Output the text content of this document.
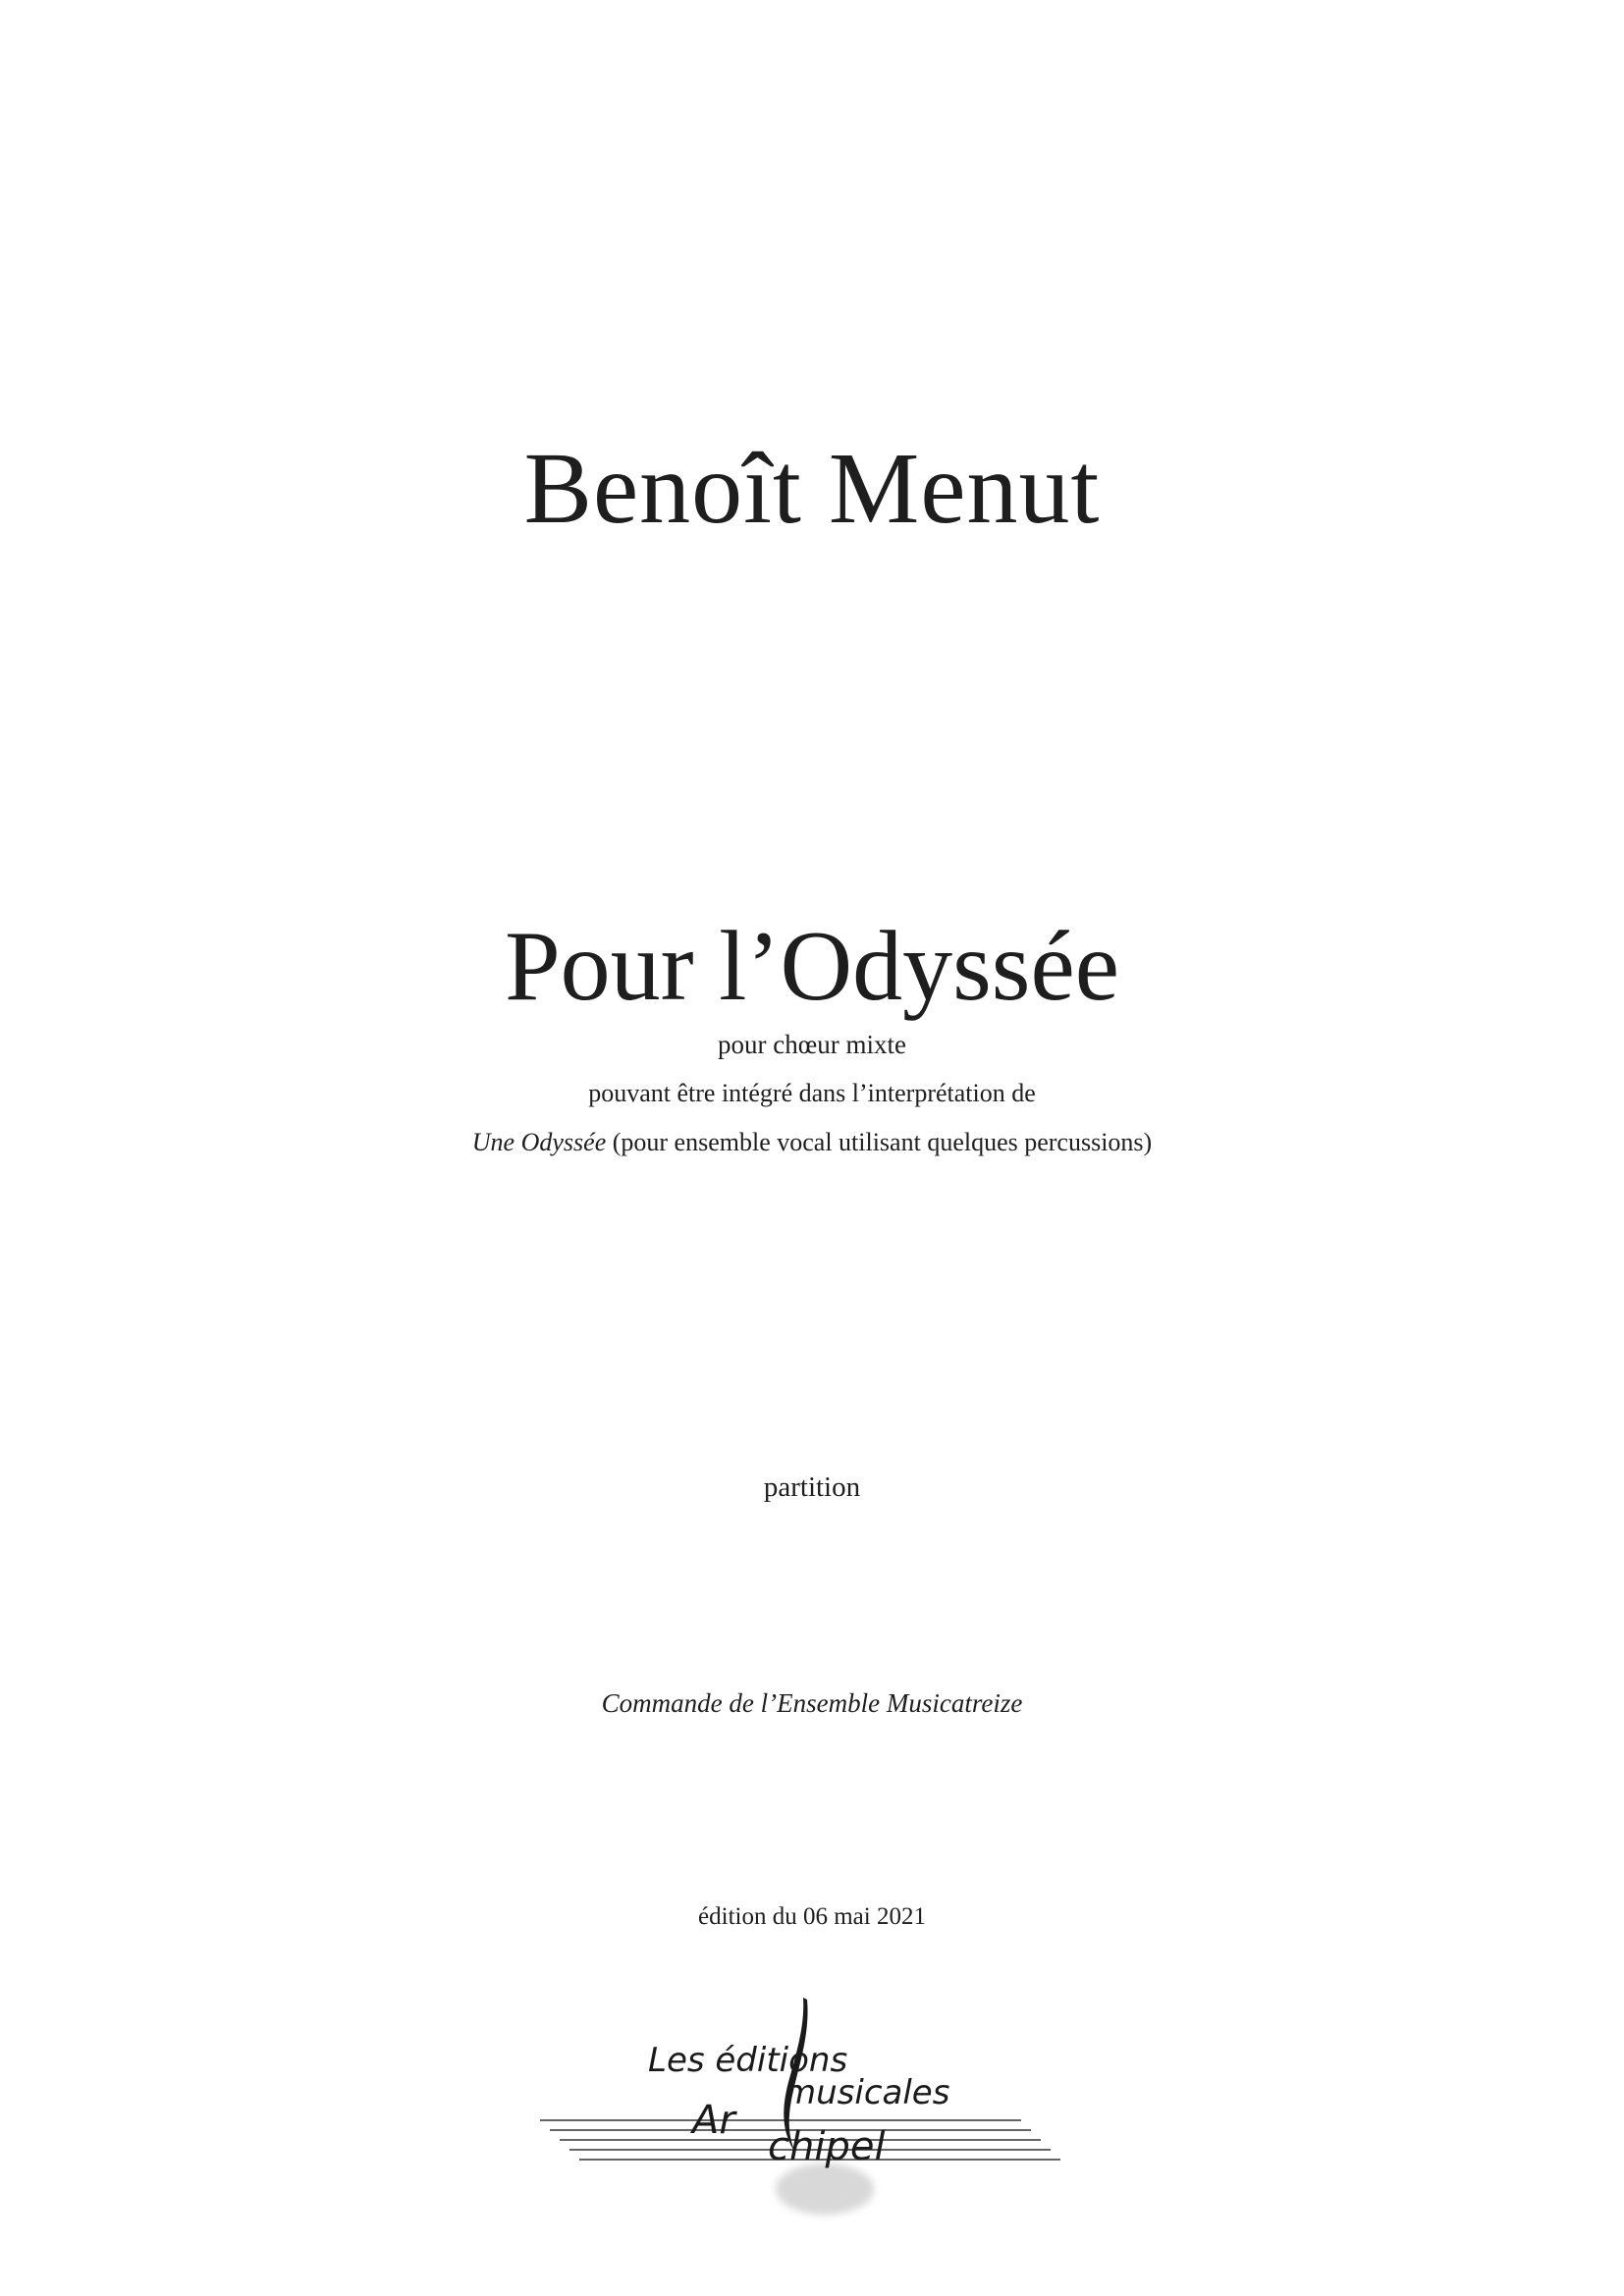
Benoît Menut
Pour l’Odyssée
pour chœur mixte
pouvant être intégré dans l’interprétation de
Une Odyssée (pour ensemble vocal utilisant quelques percussions)
partition
Commande de l’Ensemble Musicatreize
édition du 06 mai 2021
Les éditions
musicales
Ar
chipel
